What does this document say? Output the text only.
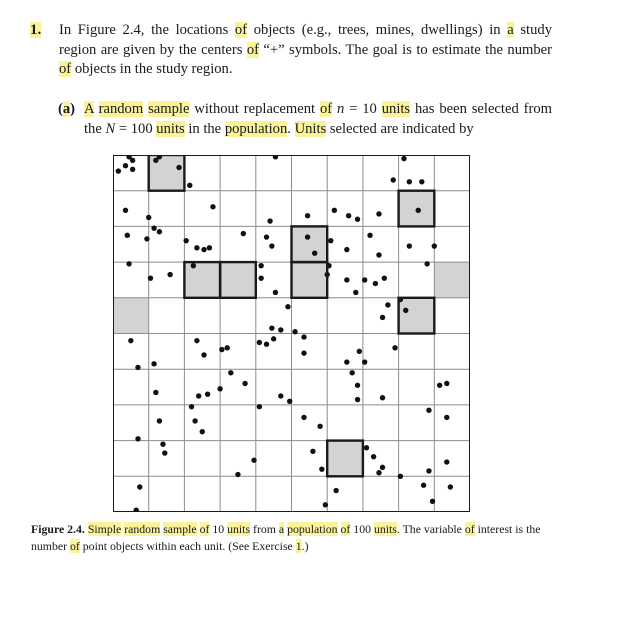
1. In Figure 2.4, the locations of objects (e.g., trees, mines, dwellings) in a study region are given by the centers of “+” symbols. The goal is to estimate the number of objects in the study region.
(a) A random sample without replacement of n = 10 units has been selected from the N = 100 units in the population. Units selected are indicated by
Figure 2.4. Simple random sample of 10 units from a population of 100 units. The variable of interest is the number of point objects within each unit. (See Exercise 1.)
